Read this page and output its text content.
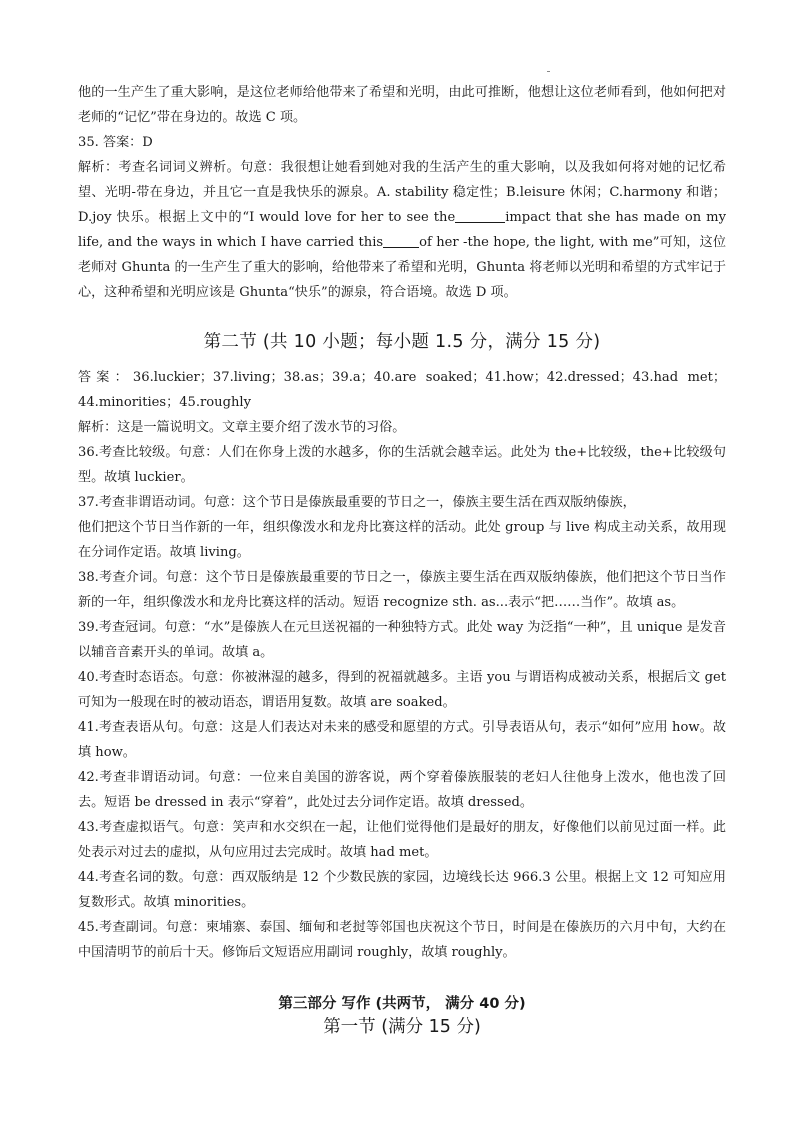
他的一生产生了重大影响，是这位老师给他带来了希望和光明，由此可推断，他想让这位老师看到，他如何把对老师的“记忆”带在身边的。故选 C 项。

35. 答案：D

解析：考查名词词义辨析。句意：我很想让她看到她对我的生活产生的重大影响，以及我如何将对她的记忆希望、光明-带在身边，并且它一直是我快乐的源泉。A. stability 稳定性；B.leisure 休闲；C.harmony 和谐；D.joy 快乐。根据上文中的“I would love for her to see the	impact that she has made on my life, and the ways in which I have carried this	of her -the hope, the light, with me”可知，这位老师对 Ghunta 的一生产生了重大的影响，给他带来了希望和光明，Ghunta 将老师以光明和希望的方式牢记于心，这种希望和光明应该是 Ghunta“快乐”的源泉，符合语境。故选 D 项。

第二节 (共 10 小题；每小题 1.5 分，满分 15 分)

答案：36.luckier；37.living；38.as；39.a；40.are soaked；41.how；42.dressed；43.had met；44.minorities；45.roughly

解析：这是一篇说明文。文章主要介绍了泼水节的习俗。

36.考查比较级。句意：人们在你身上泼的水越多，你的生活就会越幸运。此处为 the+比较级，the+比较级句型。故填 luckier。

37.考查非谓语动词。句意：这个节日是傣族最重要的节日之一，傣族主要生活在西双版纳傣族，

他们把这个节日当作新的一年，组织像泼水和龙舟比赛这样的活动。此处 group 与 live 构成主动关系，故用现在分词作定语。故填 living。

38.考查介词。句意：这个节日是傣族最重要的节日之一，傣族主要生活在西双版纳傣族，他们把这个节日当作新的一年，组织像泼水和龙舟比赛这样的活动。短语 recognize sth. as...表示“把……当作”。故填 as。

39.考查冠词。句意：“水”是傣族人在元旦送祝福的一种独特方式。此处 way 为泛指“一种”，且 unique 是发音以辅音音素开头的单词。故填 a。

40.考查时态语态。句意：你被淋湿的越多，得到的祝福就越多。主语 you 与谓语构成被动关系，根据后文 get 可知为一般现在时的被动语态，谓语用复数。故填 are soaked。

41.考查表语从句。句意：这是人们表达对未来的感受和愿望的方式。引导表语从句，表示“如何”应用 how。故填 how。

42.考查非谓语动词。句意：一位来自美国的游客说，两个穿着傣族服装的老妇人往他身上泼水，他也泼了回去。短语 be dressed in 表示“穿着”，此处过去分词作定语。故填 dressed。

43.考查虚拟语气。句意：笑声和水交织在一起，让他们觉得他们是最好的朋友，好像他们以前见过面一样。此处表示对过去的虚拟，从句应用过去完成时。故填 had met。

44.考查名词的数。句意：西双版纳是 12 个少数民族的家园，边境线长达 966.3 公里。根据上文 12 可知应用复数形式。故填 minorities。

45.考查副词。句意：柬埔寨、泰国、缅甸和老挝等邻国也庆祝这个节日，时间是在傣族历的六月中旬，大约在中国清明节的前后十天。修饰后文短语应用副词 roughly，故填 roughly。

第三部分 写作 (共两节， 满分 40 分)
第一节 (满分 15 分)
